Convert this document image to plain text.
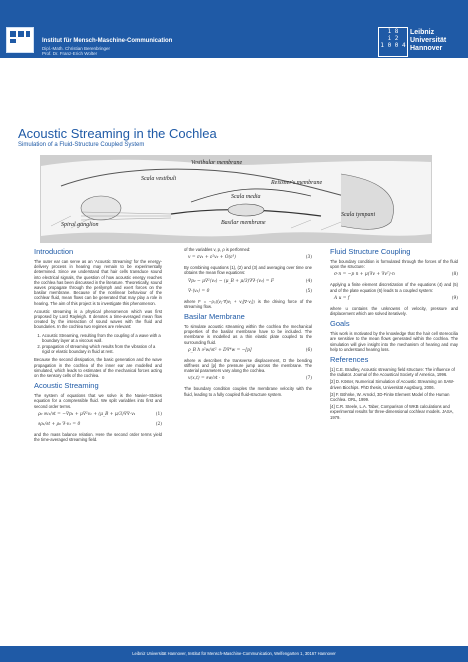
Wolfenbit
Institut für Mensch-Maschine-Communication
Dipl.-Math. Christian Berenbringer
Prof. Dr. Franz-Erich Wolter
1 8
i 2
1 0 0 4
Leibniz
Universität
Hannover
Acoustic Streaming in the Cochlea
Simulation of a Fluid-Structure Coupled System
Vestibular membrane
Reissner's membrane
Scala vestibuli
Scala media
Scala tympani
Basilar membrane
Spiral ganglion
Introduction

The outer ear can serve as an 'Acoustic Streaming' for the energy-delivery process in hearing may remain to be experimentally determined. Since we understand that hair cells transduce sound into electrical signals, the question of how acoustic energy reaches the cochlea has been discussed in the literature. Theoretically, sound waves propagate through the perilymph and exert forces on the basilar membrane. Because of the nonlinear behaviour of the cochlear fluid, mean flows can be generated that may play a role in hearing. The aim of this project is to investigate this phenomenon.

Acoustic streaming is a physical phenomenon which was first proposed by Lord Rayleigh. It denotes a time-averaged mean flow created by the interaction of sound waves with the fluid and boundaries. In the cochlea two regimes are relevant:

1. Acoustic Streaming, resulting from the coupling of a wave with a boundary layer at a viscous wall.
2. propagation of streaming which results from the vibration of a rigid or elastic boundary in fluid at rest.

Because the second dissipation, the basic generation and the wave propagation in the cochlea of the inner ear are modelled and simulated, which leads to estimates of the mechanical forces acting on the sensory cells of the cochlea.

Acoustic Streaming

The system of equations that we solve is the Navier–Stokes equation for a compressible fluid. We split variables into first and second order terms.

ρ₀ ∂v₁/∂t = −∇p₁ + μ∇²v₁ + (μ_B + μ/3)∇∇·v₁	(1)
∂ρ₁/∂t + ρ₀ ∇·v₁ = 0	(2)

and the mass balance relation. Here the second order terms yield the time-averaged streaming field.

of the variables v, p, ρ is performed:

v = εv₁ + ε²v₂ + O(ε³)	(3)

By combining equations (1), (2) and (3) and averaging over time one obtains the mean flow equations:

∇p₂ − μ∇²⟨v₂⟩ − (μ_B + μ/3)∇∇·⟨v₂⟩ = F	(4)
∇·⟨v₂⟩ = 0	(5)

where F = −ρ₀⟨(v₁·∇)v₁ + v₁(∇·v₁)⟩ is the driving force of the streaming flow.

Basilar Membrane

To simulate acoustic streaming within the cochlea the mechanical properties of the basilar membrane have to be included. The membrane is modelled as a thin elastic plate coupled to the surrounding fluid.

ρ_B h ∂²w/∂t² + D∇⁴w = −[p]	(6)

where w describes the transverse displacement, D the bending stiffness and [p] the pressure jump across the membrane. The material parameters vary along the cochlea.

v(x,t) = ∂w/∂t · n	(7)

The boundary condition couples the membrane velocity with the fluid, leading to a fully coupled fluid-structure system.

Fluid Structure Coupling

The boundary condition is formulated through the forces of the fluid upon the structure:

σ·n = −p n + μ(∇v + ∇vᵀ)·n	(8)

Applying a finite element discretization of the equations (4) and (5) and of the plate equation (6) leads to a coupled system:

A u = f	(9)

where u contains the unknowns of velocity, pressure and displacement which are solved iteratively.

Goals

This work is motivated by the knowledge that the hair cell stereocilia are sensitive to the mean flows generated within the cochlea. The simulation will give insight into the mechanism of hearing and may help to understand hearing loss.

References
[1] C.E. Bradley, Acoustic streaming field structure: The influence of the radiator. Journal of the Acoustical Society of America, 1996.
[2] D. Köster, Numerical Simulation of Acoustic Streaming on SAW-driven Biochips. PhD thesis, Universität Augsburg, 2006.
[3] F. Böhnke, W. Arnold, 3D-Finite Element Model of the Human Cochlea. ORL, 1999.
[4] C.R. Steele, L.A. Taber, Comparison of WKB calculations and experimental results for three-dimensional cochlear models. JASA, 1979.
Leibniz Universität Hannover, Institut für Mensch-Maschine-Communication, Welfengarten 1, 30167 Hannover
